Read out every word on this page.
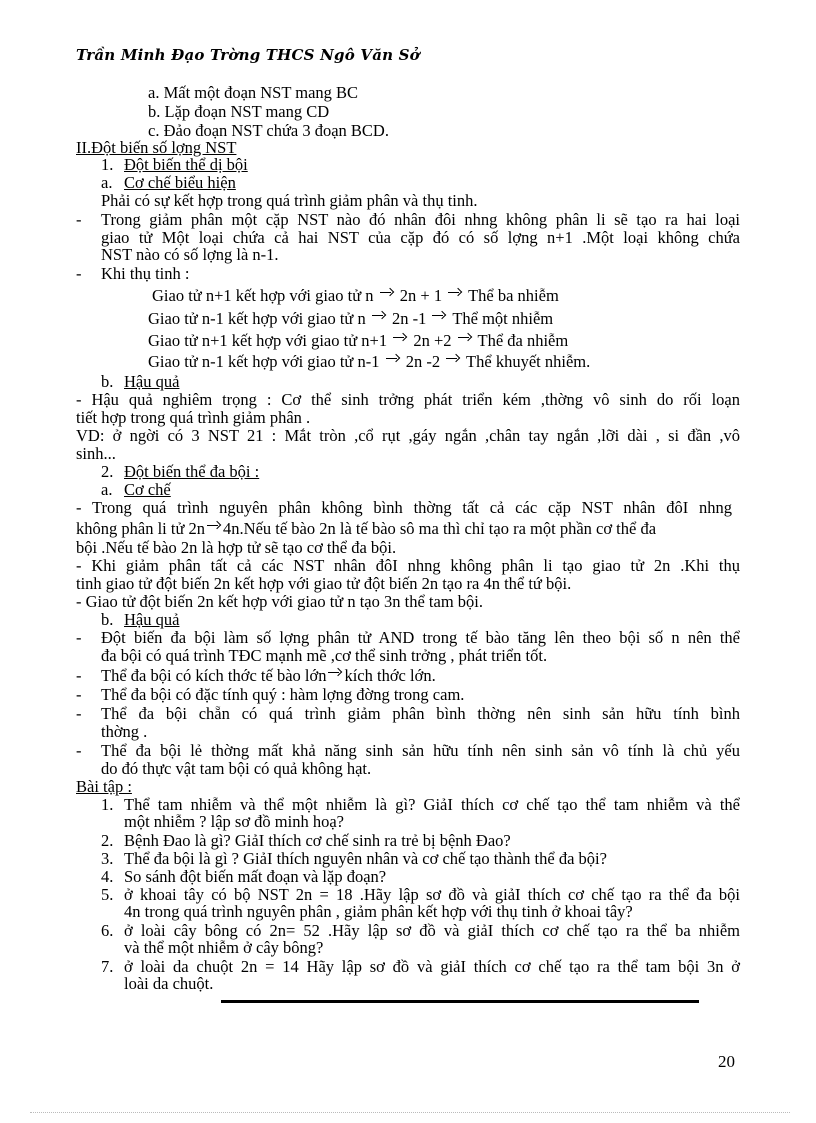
Trần Minh Đạo Trờng THCS Ngô Văn Sở
a. Mất một đoạn NST mang BC
b. Lặp đoạn NST mang CD
c. Đảo đoạn NST chứa 3 đoạn BCD.
II.Đột biến số lợng NST
1. Đột biến thể dị bội
a. Cơ chế biểu hiện
Phải có sự kết hợp trong quá trình giảm phân và thụ tinh.
- Trong giảm phân một cặp NST nào đó nhân đôi nhng không phân li sẽ tạo ra hai loại
giao tử Một loại chứa cả hai NST của cặp đó có số lợng n+1 .Một loại không chứa
NST nào có số lợng là n-1.
- Khi thụ tinh :
Giao tử n+1 kết hợp với giao tử n 2n + 1 Thể ba nhiễm
Giao tử n-1 kết hợp với giao tử n 2n -1 Thể một nhiễm
Giao tử n+1 kết hợp với giao tử n+1 2n +2 Thể đa nhiễm
Giao tử n-1 kết hợp với giao tử n-1 2n -2 Thể khuyết nhiễm.
b. Hậu quả
- Hậu quả nghiêm trọng : Cơ thể sinh trởng phát triển kém ,thờng vô sinh do rối loạn
tiết hợp trong quá trình giảm phân .
VD: ở ngời có 3 NST 21 : Mắt tròn ,cổ rụt ,gáy ngắn ,chân tay ngắn ,lỡi dài , si đần ,vô
sinh...
2. Đột biến thể đa bội :
a. Cơ chế
- Trong quá trình nguyên phân không bình thờng tất cả các cặp NST nhân đôI nhng
không phân li tử 2n 4n.Nếu tế bào 2n là tế bào sô ma thì chỉ tạo ra một phần cơ thể đa
bội .Nếu tế bào 2n là hợp tử sẽ tạo cơ thể đa bội.
- Khi giảm phân tất cả các NST nhân đôI nhng không phân li tạo giao tử 2n .Khi thụ
tinh giao tử đột biến 2n kết hợp với giao tử đột biến 2n tạo ra 4n thể tứ bội.
- Giao tử đột biến 2n kết hợp với giao tử n tạo 3n thể tam bội.
b. Hậu quả
- Đột biến đa bội làm số lợng phân tử AND trong tế bào tăng lên theo bội số n nên thể
đa bội có quá trình TĐC mạnh mẽ ,cơ thể sinh trởng , phát triển tốt.
- Thể đa bội có kích thớc tế bào lớn kích thớc lớn.
- Thể đa bội có đặc tính quý : hàm lợng đờng trong cam.
- Thể đa bội chẵn có quá trình giảm phân bình thờng nên sinh sản hữu tính bình
thờng .
- Thể đa bội lẻ thờng mất khả năng sinh sản hữu tính nên sinh sản vô tính là chủ yếu
do đó thực vật tam bội có quả không hạt.
Bài tập :
1. Thể tam nhiễm và thể một nhiễm là gì? GiảI thích cơ chế tạo thể tam nhiễm và thể
một nhiễm ? lập sơ đồ minh hoạ?
2. Bệnh Đao là gì? GiảI thích cơ chế sinh ra trẻ bị bệnh Đao?
3. Thể đa bội là gì ? GiảI thích nguyên nhân và cơ chế tạo thành thể đa bội?
4. So sánh đột biến mất đoạn và lặp đoạn?
5. ở khoai tây có bộ NST 2n = 18 .Hãy lập sơ đồ và giảI thích cơ chế tạo ra thể đa bội
4n trong quá trình nguyên phân , giảm phân kết hợp với thụ tinh ở khoai tây?
6. ở loài cây bông có 2n= 52 .Hãy lập sơ đồ và giảI thích cơ chế tạo ra thể ba nhiễm
và thể một nhiễm ở cây bông?
7. ở loài da chuột 2n = 14 Hãy lập sơ đồ và giảI thích cơ chế tạo ra thể tam bội 3n ở
loài da chuột.
20
